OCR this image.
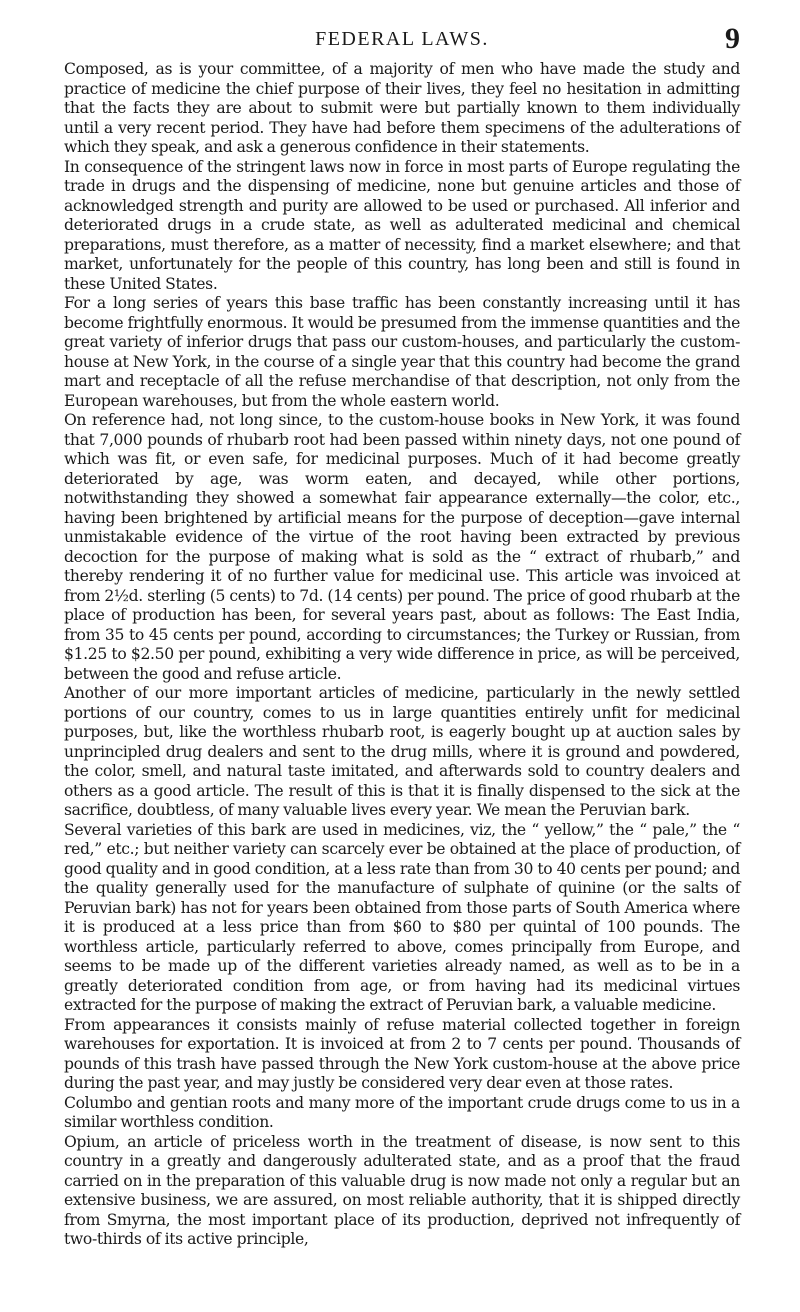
FEDERAL LAWS.	9

Composed, as is your committee, of a majority of men who have made the study and practice of medicine the chief purpose of their lives, they feel no hesitation in admitting that the facts they are about to submit were but partially known to them individually until a very recent period. They have had before them specimens of the adulterations of which they speak, and ask a generous confidence in their statements.

In consequence of the stringent laws now in force in most parts of Europe regulating the trade in drugs and the dispensing of medicine, none but genuine articles and those of acknowledged strength and purity are allowed to be used or purchased. All inferior and deteriorated drugs in a crude state, as well as adulterated medicinal and chemical preparations, must therefore, as a matter of necessity, find a market elsewhere; and that market, unfortunately for the people of this country, has long been and still is found in these United States.

For a long series of years this base traffic has been constantly increasing until it has become frightfully enormous. It would be presumed from the immense quantities and the great variety of inferior drugs that pass our custom-houses, and particularly the custom-house at New York, in the course of a single year that this country had become the grand mart and receptacle of all the refuse merchandise of that description, not only from the European warehouses, but from the whole eastern world.

On reference had, not long since, to the custom-house books in New York, it was found that 7,000 pounds of rhubarb root had been passed within ninety days, not one pound of which was fit, or even safe, for medicinal purposes. Much of it had become greatly deteriorated by age, was worm eaten, and decayed, while other portions, notwithstanding they showed a somewhat fair appearance externally—the color, etc., having been brightened by artificial means for the purpose of deception—gave internal unmistakable evidence of the virtue of the root having been extracted by previous decoction for the purpose of making what is sold as the “ extract of rhubarb,” and thereby rendering it of no further value for medicinal use. This article was invoiced at from 2½d. sterling (5 cents) to 7d. (14 cents) per pound. The price of good rhubarb at the place of production has been, for several years past, about as follows: The East India, from 35 to 45 cents per pound, according to circumstances; the Turkey or Russian, from $1.25 to $2.50 per pound, exhibiting a very wide difference in price, as will be perceived, between the good and refuse article.

Another of our more important articles of medicine, particularly in the newly settled portions of our country, comes to us in large quantities entirely unfit for medicinal purposes, but, like the worthless rhubarb root, is eagerly bought up at auction sales by unprincipled drug dealers and sent to the drug mills, where it is ground and powdered, the color, smell, and natural taste imitated, and afterwards sold to country dealers and others as a good article. The result of this is that it is finally dispensed to the sick at the sacrifice, doubtless, of many valuable lives every year. We mean the Peruvian bark.

Several varieties of this bark are used in medicines, viz, the “ yellow,” the “ pale,” the “ red,” etc.; but neither variety can scarcely ever be obtained at the place of production, of good quality and in good condition, at a less rate than from 30 to 40 cents per pound; and the quality generally used for the manufacture of sulphate of quinine (or the salts of Peruvian bark) has not for years been obtained from those parts of South America where it is produced at a less price than from $60 to $80 per quintal of 100 pounds. The worthless article, particularly referred to above, comes principally from Europe, and seems to be made up of the different varieties already named, as well as to be in a greatly deteriorated condition from age, or from having had its medicinal virtues extracted for the purpose of making the extract of Peruvian bark, a valuable medicine.

From appearances it consists mainly of refuse material collected together in foreign warehouses for exportation. It is invoiced at from 2 to 7 cents per pound. Thousands of pounds of this trash have passed through the New York custom-house at the above price during the past year, and may justly be considered very dear even at those rates.

Columbo and gentian roots and many more of the important crude drugs come to us in a similar worthless condition.

Opium, an article of priceless worth in the treatment of disease, is now sent to this country in a greatly and dangerously adulterated state, and as a proof that the fraud carried on in the preparation of this valuable drug is now made not only a regular but an extensive business, we are assured, on most reliable authority, that it is shipped directly from Smyrna, the most important place of its production, deprived not infrequently of two-thirds of its active principle,
